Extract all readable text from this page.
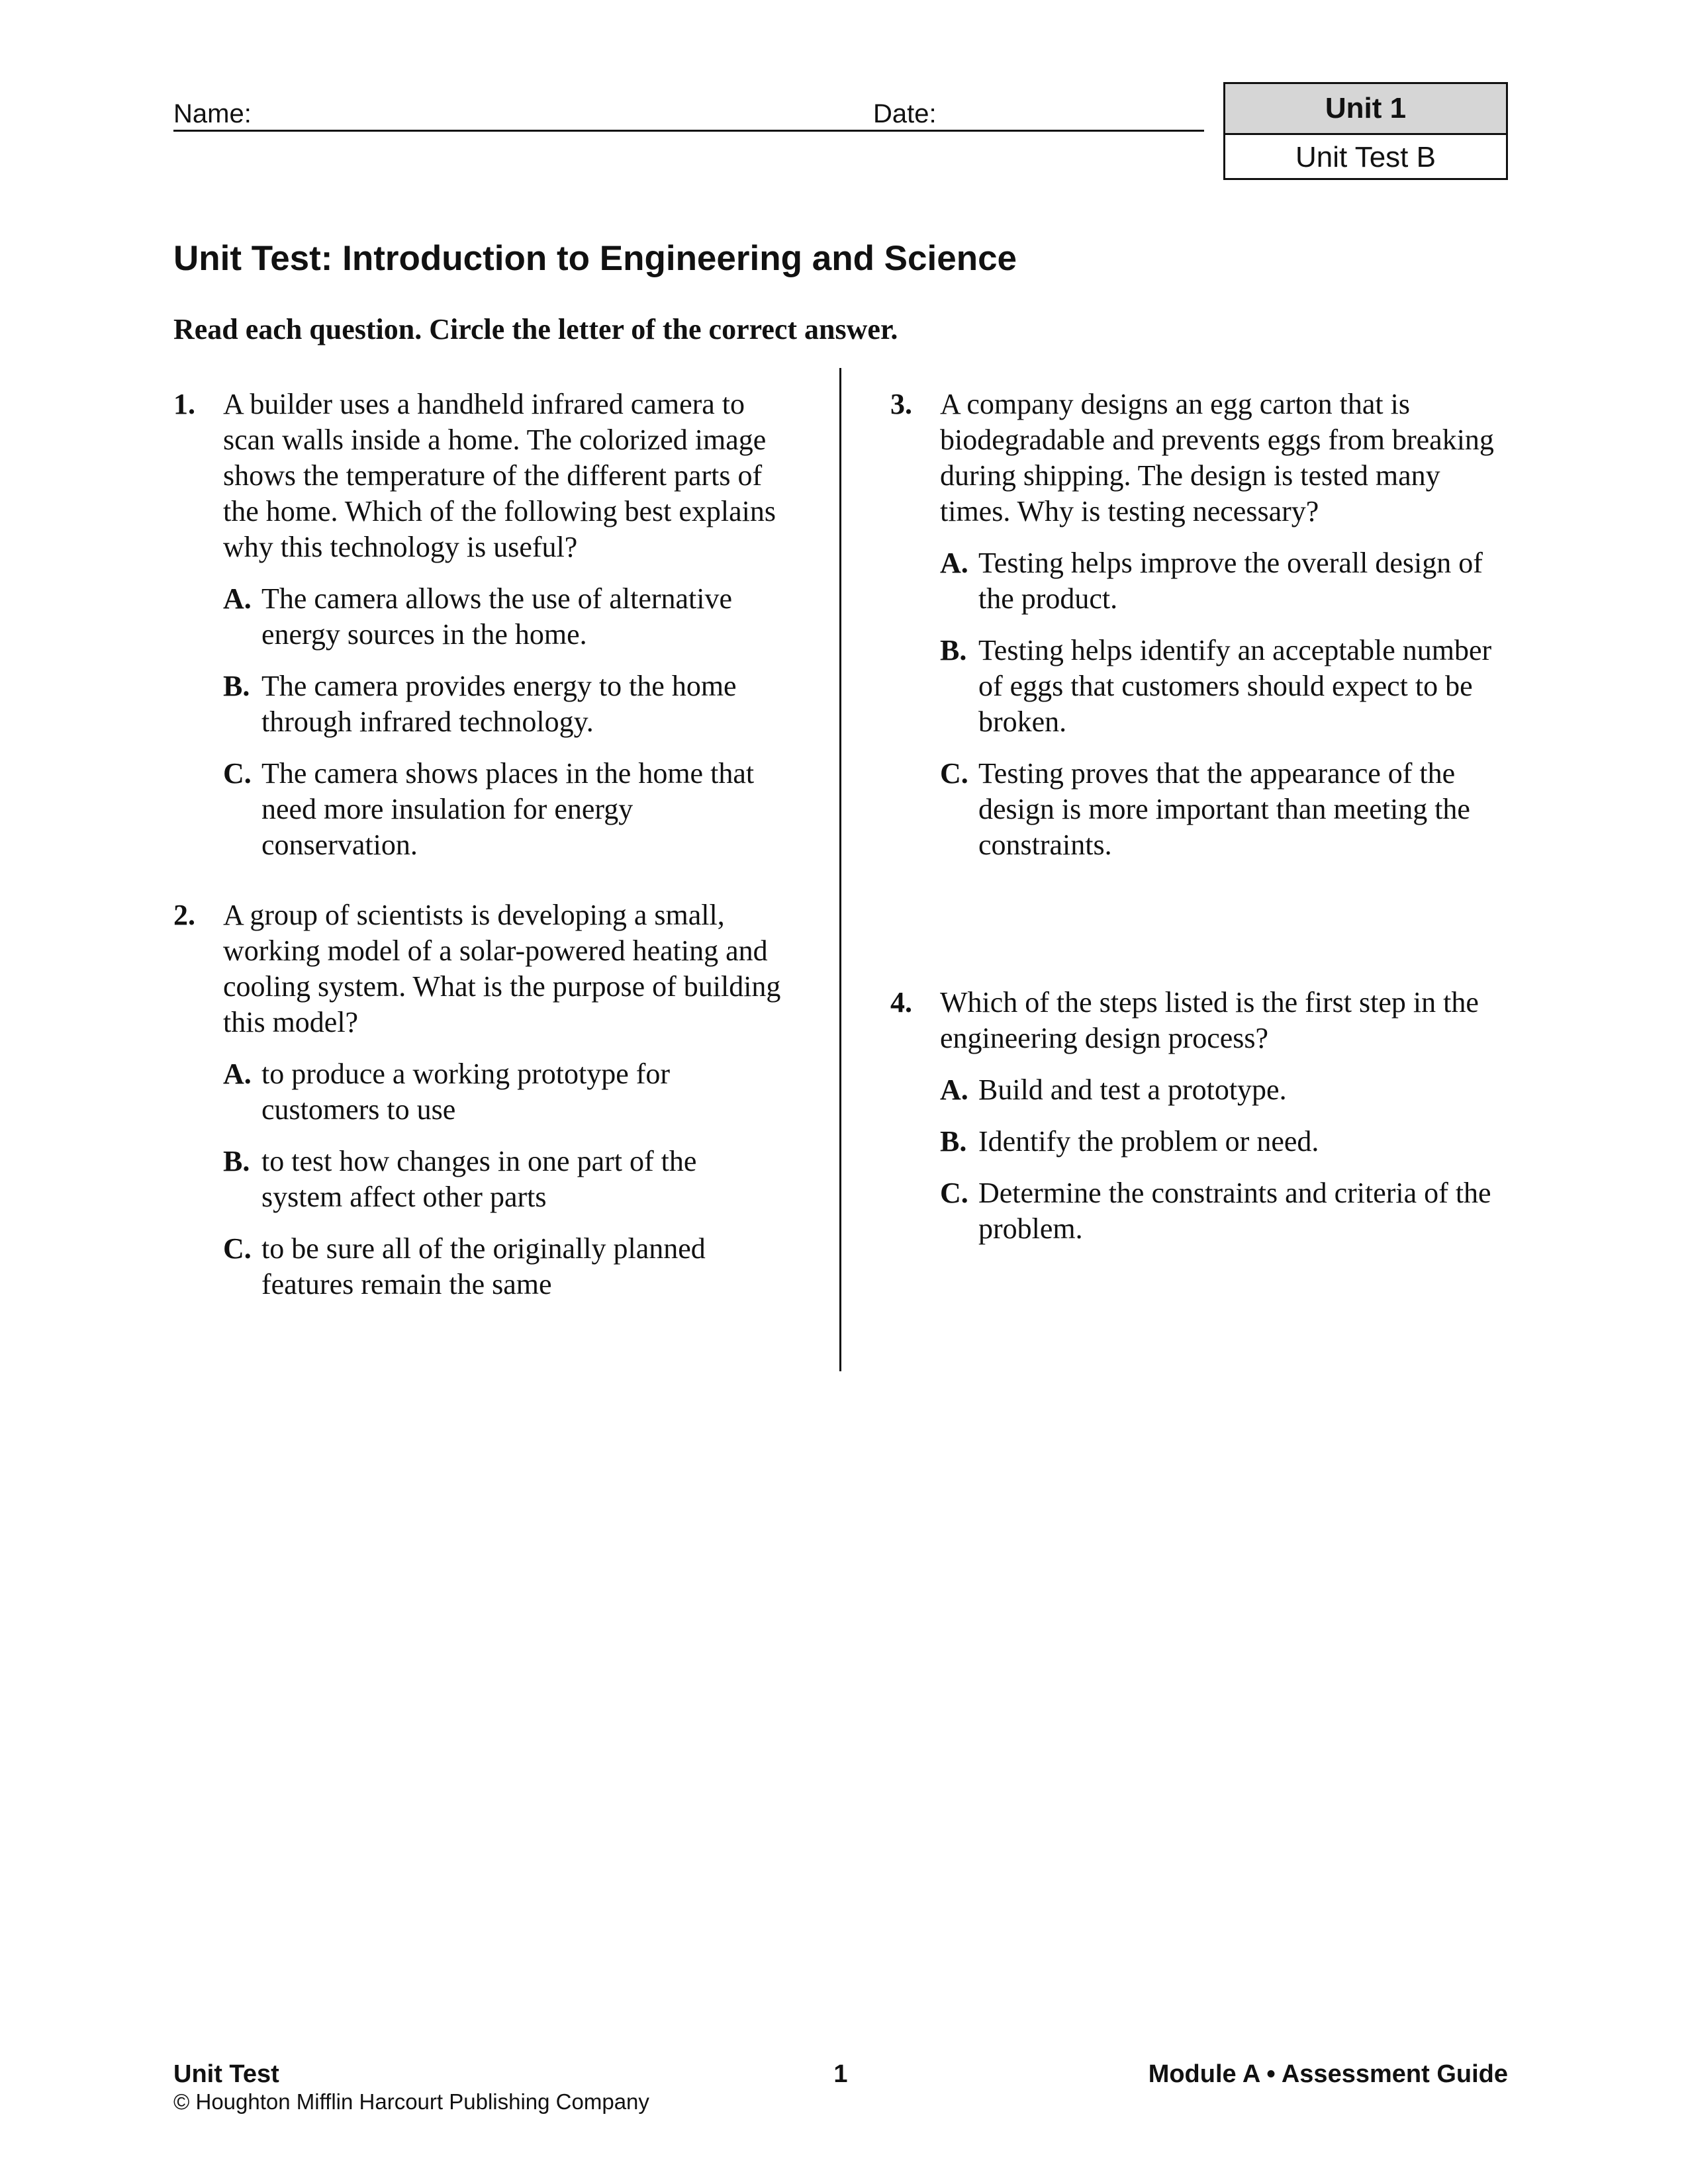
Name:	Date:	Unit 1
Unit Test B
Unit Test: Introduction to Engineering and Science

Read each question. Circle the letter of the correct answer.

1. A builder uses a handheld infrared camera to scan walls inside a home. The colorized image shows the temperature of the different parts of the home. Which of the following best explains why this technology is useful?

A. The camera allows the use of alternative energy sources in the home.
B. The camera provides energy to the home through infrared technology.
C. The camera shows places in the home that need more insulation for energy conservation.

2. A group of scientists is developing a small, working model of a solar-powered heating and cooling system. What is the purpose of building this model?

A. to produce a working prototype for customers to use
B. to test how changes in one part of the system affect other parts
C. to be sure all of the originally planned features remain the same

3. A company designs an egg carton that is biodegradable and prevents eggs from breaking during shipping. The design is tested many times. Why is testing necessary?

A. Testing helps improve the overall design of the product.
B. Testing helps identify an acceptable number of eggs that customers should expect to be broken.
C. Testing proves that the appearance of the design is more important than meeting the constraints.

4. Which of the steps listed is the first step in the engineering design process?

A. Build and test a prototype.
B. Identify the problem or need.
C. Determine the constraints and criteria of the problem.
Unit Test
© Houghton Mifflin Harcourt Publishing Company
1	Module A • Assessment Guide
